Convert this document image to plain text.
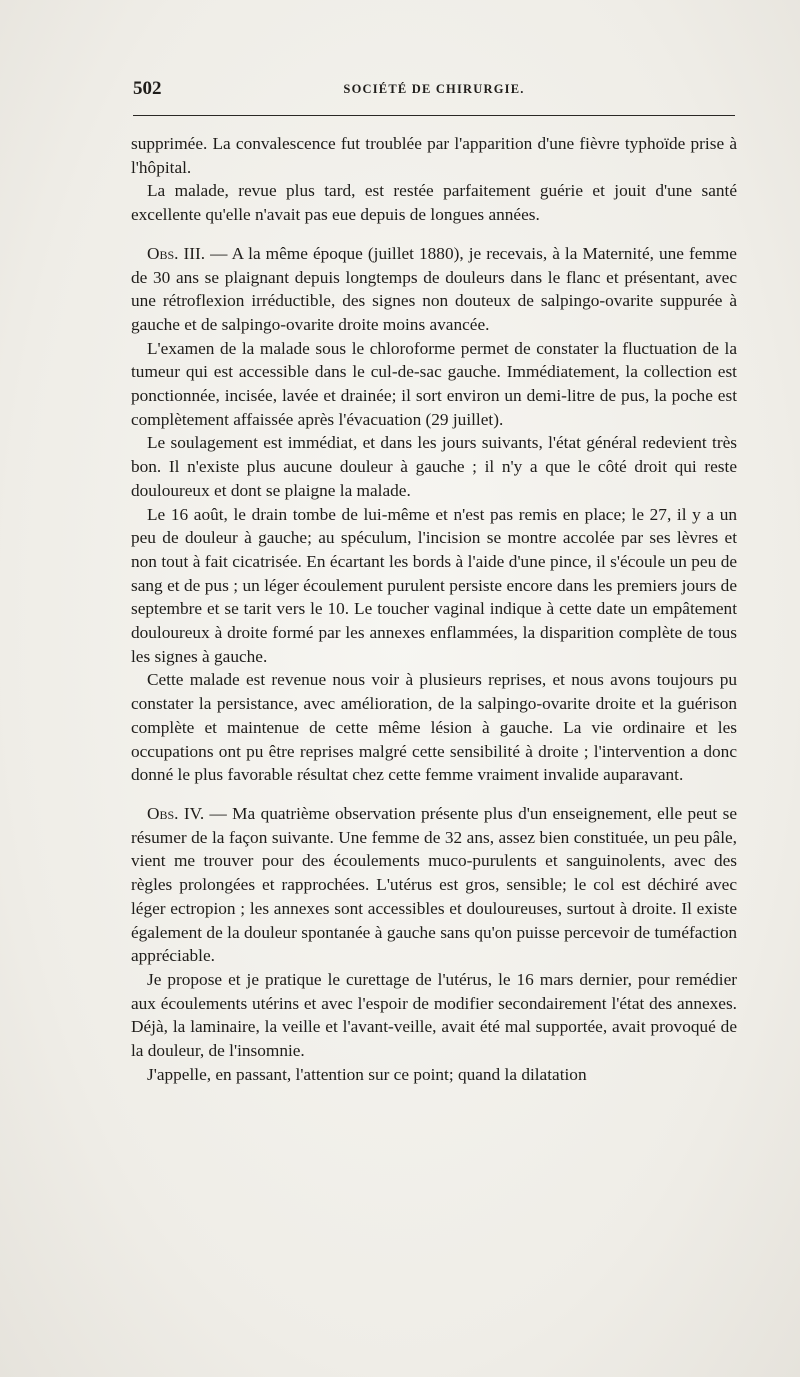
502	SOCIÉTÉ DE CHIRURGIE.

supprimée. La convalescence fut troublée par l'apparition d'une fièvre typhoïde prise à l'hôpital.

La malade, revue plus tard, est restée parfaitement guérie et jouit d'une santé excellente qu'elle n'avait pas eue depuis de longues années.

Obs. III. — A la même époque (juillet 1880), je recevais, à la Maternité, une femme de 30 ans se plaignant depuis longtemps de douleurs dans le flanc et présentant, avec une rétroflexion irréductible, des signes non douteux de salpingo-ovarite suppurée à gauche et de salpingo-ovarite droite moins avancée.

L'examen de la malade sous le chloroforme permet de constater la fluctuation de la tumeur qui est accessible dans le cul-de-sac gauche. Immédiatement, la collection est ponctionnée, incisée, lavée et drainée; il sort environ un demi-litre de pus, la poche est complètement affaissée après l'évacuation (29 juillet).

Le soulagement est immédiat, et dans les jours suivants, l'état général redevient très bon. Il n'existe plus aucune douleur à gauche ; il n'y a que le côté droit qui reste douloureux et dont se plaigne la malade.

Le 16 août, le drain tombe de lui-même et n'est pas remis en place; le 27, il y a un peu de douleur à gauche; au spéculum, l'incision se montre accolée par ses lèvres et non tout à fait cicatrisée. En écartant les bords à l'aide d'une pince, il s'écoule un peu de sang et de pus ; un léger écoulement purulent persiste encore dans les premiers jours de septembre et se tarit vers le 10. Le toucher vaginal indique à cette date un empâtement douloureux à droite formé par les annexes enflammées, la disparition complète de tous les signes à gauche.

Cette malade est revenue nous voir à plusieurs reprises, et nous avons toujours pu constater la persistance, avec amélioration, de la salpingo-ovarite droite et la guérison complète et maintenue de cette même lésion à gauche. La vie ordinaire et les occupations ont pu être reprises malgré cette sensibilité à droite ; l'intervention a donc donné le plus favorable résultat chez cette femme vraiment invalide auparavant.

Obs. IV. — Ma quatrième observation présente plus d'un enseignement, elle peut se résumer de la façon suivante. Une femme de 32 ans, assez bien constituée, un peu pâle, vient me trouver pour des écoulements muco-purulents et sanguinolents, avec des règles prolongées et rapprochées. L'utérus est gros, sensible; le col est déchiré avec léger ectropion ; les annexes sont accessibles et douloureuses, surtout à droite. Il existe également de la douleur spontanée à gauche sans qu'on puisse percevoir de tuméfaction appréciable.

Je propose et je pratique le curettage de l'utérus, le 16 mars dernier, pour remédier aux écoulements utérins et avec l'espoir de modifier secondairement l'état des annexes. Déjà, la laminaire, la veille et l'avant-veille, avait été mal supportée, avait provoqué de la douleur, de l'insomnie.

J'appelle, en passant, l'attention sur ce point; quand la dilatation
